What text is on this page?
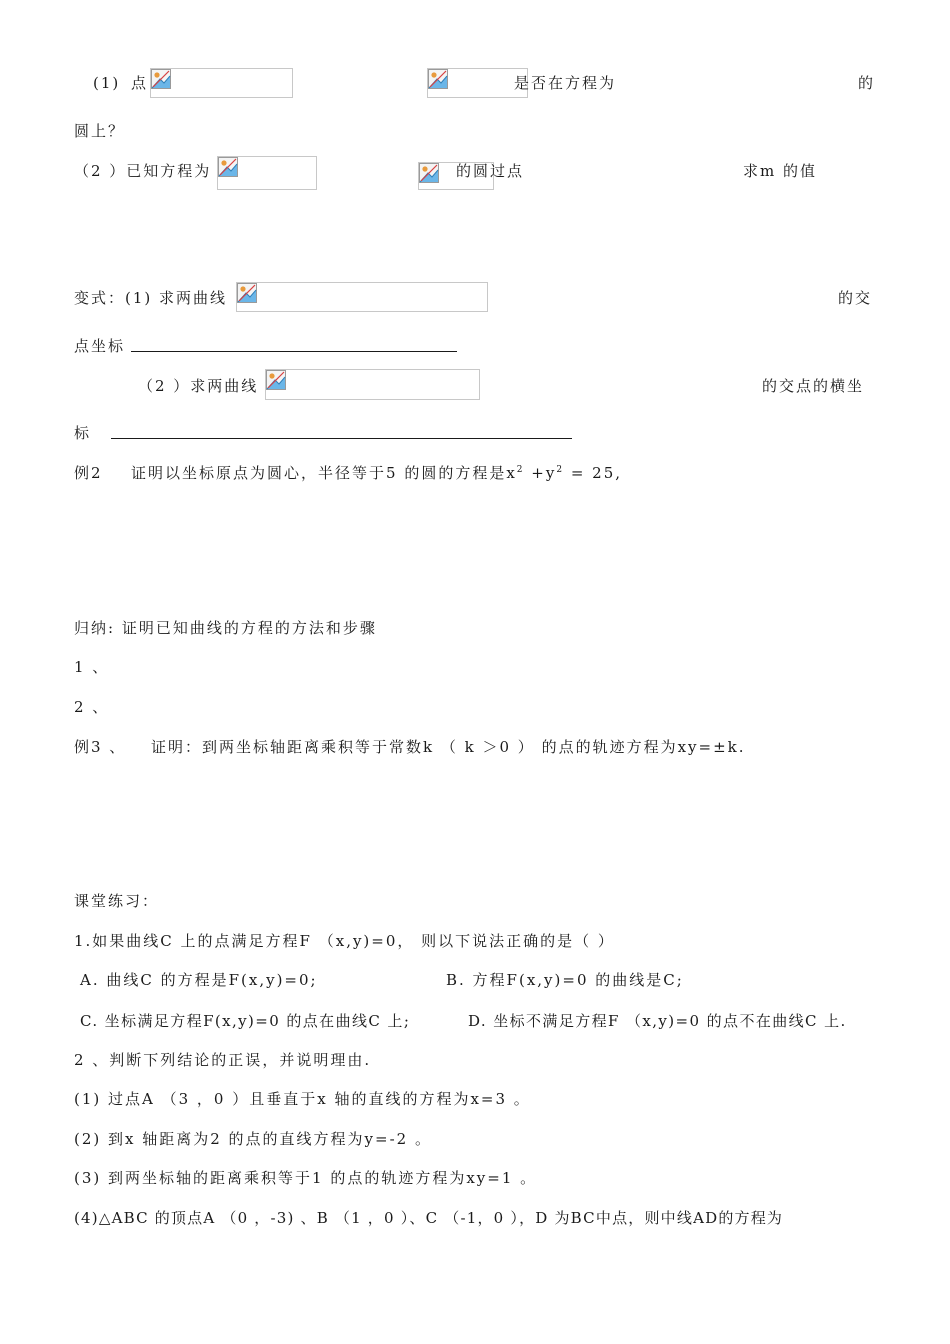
(1) 点	是否在方程为	的
圆上？
（2 ）已知方程为	的圆过点	求m 的值
变式：(1) 求两曲线	的交
点坐标
（2 ）求两曲线	的交点的横坐
标
例2 证明以坐标原点为圆心，半径等于5 的圆的方程是$x^2 +y^2 = 25$,
归纳: 证明已知曲线的方程的方法和步骤
1 、
2 、
例3 、 证明：到两坐标轴距离乘积等于常数k （ k ＞0 ） 的点的轨迹方程为xy=±k.
课堂练习：
1.如果曲线C 上的点满足方程F （x,y)=0， 则以下说法正确的是（ ）
A. 曲线C 的方程是F(x,y)=0;	B. 方程F(x,y)=0 的曲线是C;
C. 坐标满足方程F(x,y)=0 的点在曲线C 上;	D. 坐标不满足方程F （x,y)=0 的点不在曲线C 上.
2 、判断下列结论的正误，并说明理由.
(1) 过点A （3 ，0 ）且垂直于x 轴的直线的方程为x=3 。
(2) 到x 轴距离为2 的点的直线方程为y=-2 。
(3) 到两坐标轴的距离乘积等于1 的点的轨迹方程为xy=1 。
(4)△ABC 的顶点A （0 ，-3) 、B （1 ，0 ）、C （-1，0 ），D 为BC中点，则中线AD的方程为
